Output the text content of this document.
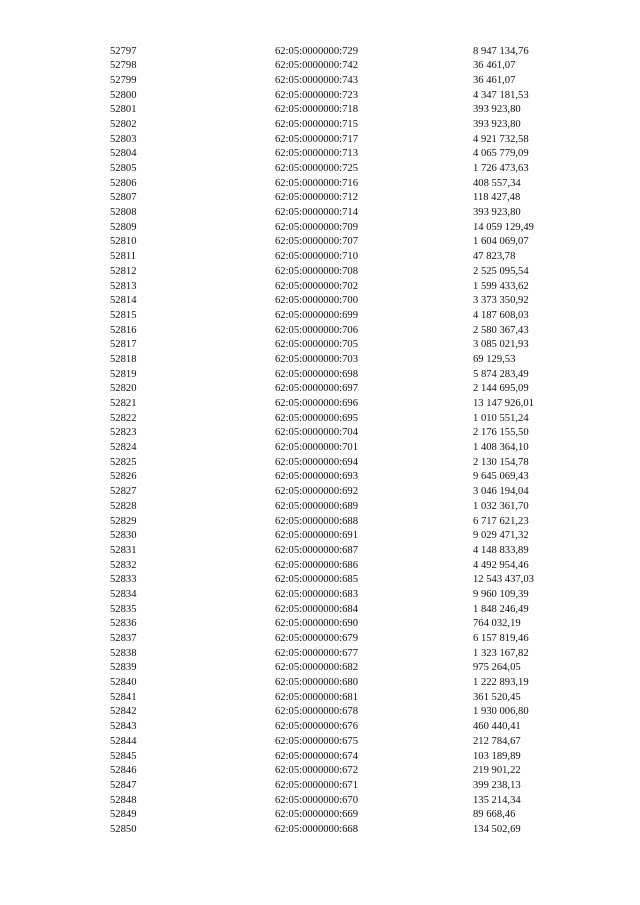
52797	62:05:0000000:729	8 947 134,76
52798	62:05:0000000:742	36 461,07
52799	62:05:0000000:743	36 461,07
52800	62:05:0000000:723	4 347 181,53
52801	62:05:0000000:718	393 923,80
52802	62:05:0000000:715	393 923,80
52803	62:05:0000000:717	4 921 732,58
52804	62:05:0000000:713	4 065 779,09
52805	62:05:0000000:725	1 726 473,63
52806	62:05:0000000:716	408 557,34
52807	62:05:0000000:712	118 427,48
52808	62:05:0000000:714	393 923,80
52809	62:05:0000000:709	14 059 129,49
52810	62:05:0000000:707	1 604 069,07
52811	62:05:0000000:710	47 823,78
52812	62:05:0000000:708	2 525 095,54
52813	62:05:0000000:702	1 599 433,62
52814	62:05:0000000:700	3 373 350,92
52815	62:05:0000000:699	4 187 608,03
52816	62:05:0000000:706	2 580 367,43
52817	62:05:0000000:705	3 085 021,93
52818	62:05:0000000:703	69 129,53
52819	62:05:0000000:698	5 874 283,49
52820	62:05:0000000:697	2 144 695,09
52821	62:05:0000000:696	13 147 926,01
52822	62:05:0000000:695	1 010 551,24
52823	62:05:0000000:704	2 176 155,50
52824	62:05:0000000:701	1 408 364,10
52825	62:05:0000000:694	2 130 154,78
52826	62:05:0000000:693	9 645 069,43
52827	62:05:0000000:692	3 046 194,04
52828	62:05:0000000:689	1 032 361,70
52829	62:05:0000000:688	6 717 621,23
52830	62:05:0000000:691	9 029 471,32
52831	62:05:0000000:687	4 148 833,89
52832	62:05:0000000:686	4 492 954,46
52833	62:05:0000000:685	12 543 437,03
52834	62:05:0000000:683	9 960 109,39
52835	62:05:0000000:684	1 848 246,49
52836	62:05:0000000:690	764 032,19
52837	62:05:0000000:679	6 157 819,46
52838	62:05:0000000:677	1 323 167,82
52839	62:05:0000000:682	975 264,05
52840	62:05:0000000:680	1 222 893,19
52841	62:05:0000000:681	361 520,45
52842	62:05:0000000:678	1 930 006,80
52843	62:05:0000000:676	460 440,41
52844	62:05:0000000:675	212 784,67
52845	62:05:0000000:674	103 189,89
52846	62:05:0000000:672	219 901,22
52847	62:05:0000000:671	399 238,13
52848	62:05:0000000:670	135 214,34
52849	62:05:0000000:669	89 668,46
52850	62:05:0000000:668	134 502,69
